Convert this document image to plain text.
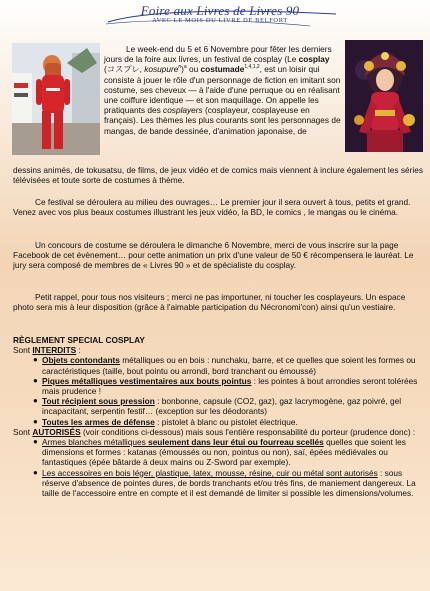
Foire aux Livres de Livres 90
AVEC LE MOIS DU LIVRE DE BELFORT

Le week-end du 5 et 6 Novembre pour fêter les derniers jours de la foire aux livres, un festival de cosplay (Le cosplay (コスプレ, kosupure$^n$)$^a$ ou costumade$^{1,4,1,2}$, est un loisir qui consiste à jouer le rôle d'un personnage de fiction en imitant son costume, ses cheveux — à l'aide d'une perruque ou en réalisant une coiffure identique — et son maquillage. On appelle les pratiquants des cosplayers (cosplayeur, cosplayeuse en français). Les thèmes les plus courants sont les personnages de mangas, de bande dessinée, d'animation japonaise, de

dessins animés, de tokusatsu, de films, de jeux vidéo et de comics mais viennent à inclure également les séries télévisées et toute sorte de costumes à thème.

Ce festival se déroulera au milieu des ouvrages… Le premier jour il sera ouvert à tous, petits et grand. Venez avec vos plus beaux costumes illustrant les jeux vidéo, la BD, le comics , le mangas ou le cinéma.

Un concours de costume se déroulera le dimanche 6 Novembre, merci de vous inscrire sur la page Facebook de cet évènement… pour cette animation un prix d'une valeur de 50 € récompensera le lauréat. Le jury sera composé de membres de « Livres 90 » et de spécialiste du cosplay.

Petit rappel, pour tous nos visiteurs ; merci ne pas importuner, ni toucher les cosplayeurs. Un espace photo sera mis à leur disposition (grâce à l'aimable participation du Nécronomi'con) ainsi qu'un vestiaire.

RÈGLEMENT SPECIAL COSPLAY
Sont INTERDITS :
● Objets contondants métalliques ou en bois : nunchaku, barre, et ce quelles que soient les formes ou caractéristiques (taille, bout pointu ou arrondi, bord tranchant ou émoussé)
● Piques métalliques vestimentaires aux bouts pointus : les pointes à bout arrondies seront tolérées mais prudence !
● Tout récipient sous pression : bonbonne, capsule (CO2, gaz), gaz lacrymogène, gaz poivré, gel incapacitant, serpentin festif… (exception sur les déodorants)
● Toutes les armes de défense : pistolet à blanc ou pistolet électrique.
Sont AUTORISÉS (voir conditions ci-dessous) mais sous l'entière responsabilité du porteur (prudence donc) :
● Armes blanches métalliques seulement dans leur étui ou fourreau scellés quelles que soient les dimensions et formes : katanas (émoussés ou non, pointus ou non), saï, épées médiévales ou fantastiques (épée bâtarde à deux mains ou Z-Sword par exemple).
● Les accessoires en bois léger, plastique, latex, mousse, résine, cuir ou métal sont autorisés : sous réserve d'absence de pointes dures, de bords tranchants et/ou très fins, de maniement dangereux. La taille de l'accessoire entre en compte et il est demandé de limiter si possible les dimensions/volumes.
